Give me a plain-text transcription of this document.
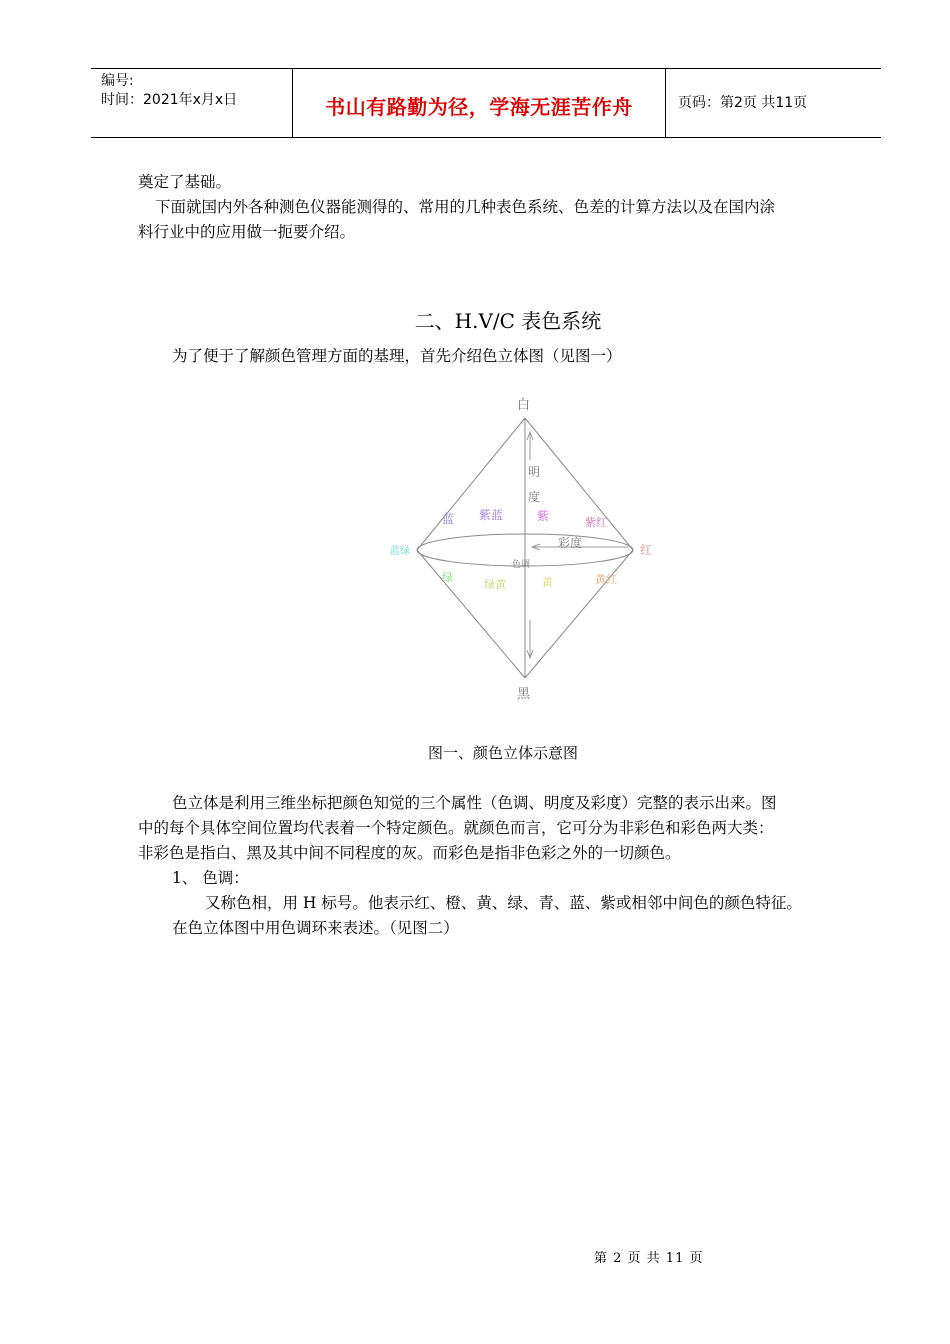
编号:
时间：2021年x月x日	书山有路勤为径，学海无涯苦作舟	页码：第2页 共11页
奠定了基础。
下面就国内外各种测色仪器能测得的、常用的几种表色系统、色差的计算方法以及在国内涂
料行业中的应用做一扼要介绍。
二、H.V/C 表色系统
为了便于了解颜色管理方面的基理，首先介绍色立体图（见图一）
白
黑
明
度
彩度
色调
蓝 紫蓝	紫	紫红
红
蓝绿
绿
绿黄	黄	黄红
图一、颜色立体示意图
色立体是利用三维坐标把颜色知觉的三个属性（色调、明度及彩度）完整的表示出来。图
中的每个具体空间位置均代表着一个特定颜色。就颜色而言，它可分为非彩色和彩色两大类：
非彩色是指白、黑及其中间不同程度的灰。而彩色是指非色彩之外的一切颜色。
1、 色调：
又称色相，用 H 标号。他表示红、橙、黄、绿、青、蓝、紫或相邻中间色的颜色特征。
在色立体图中用色调环来表述。（见图二）
第 2 页 共 11 页
